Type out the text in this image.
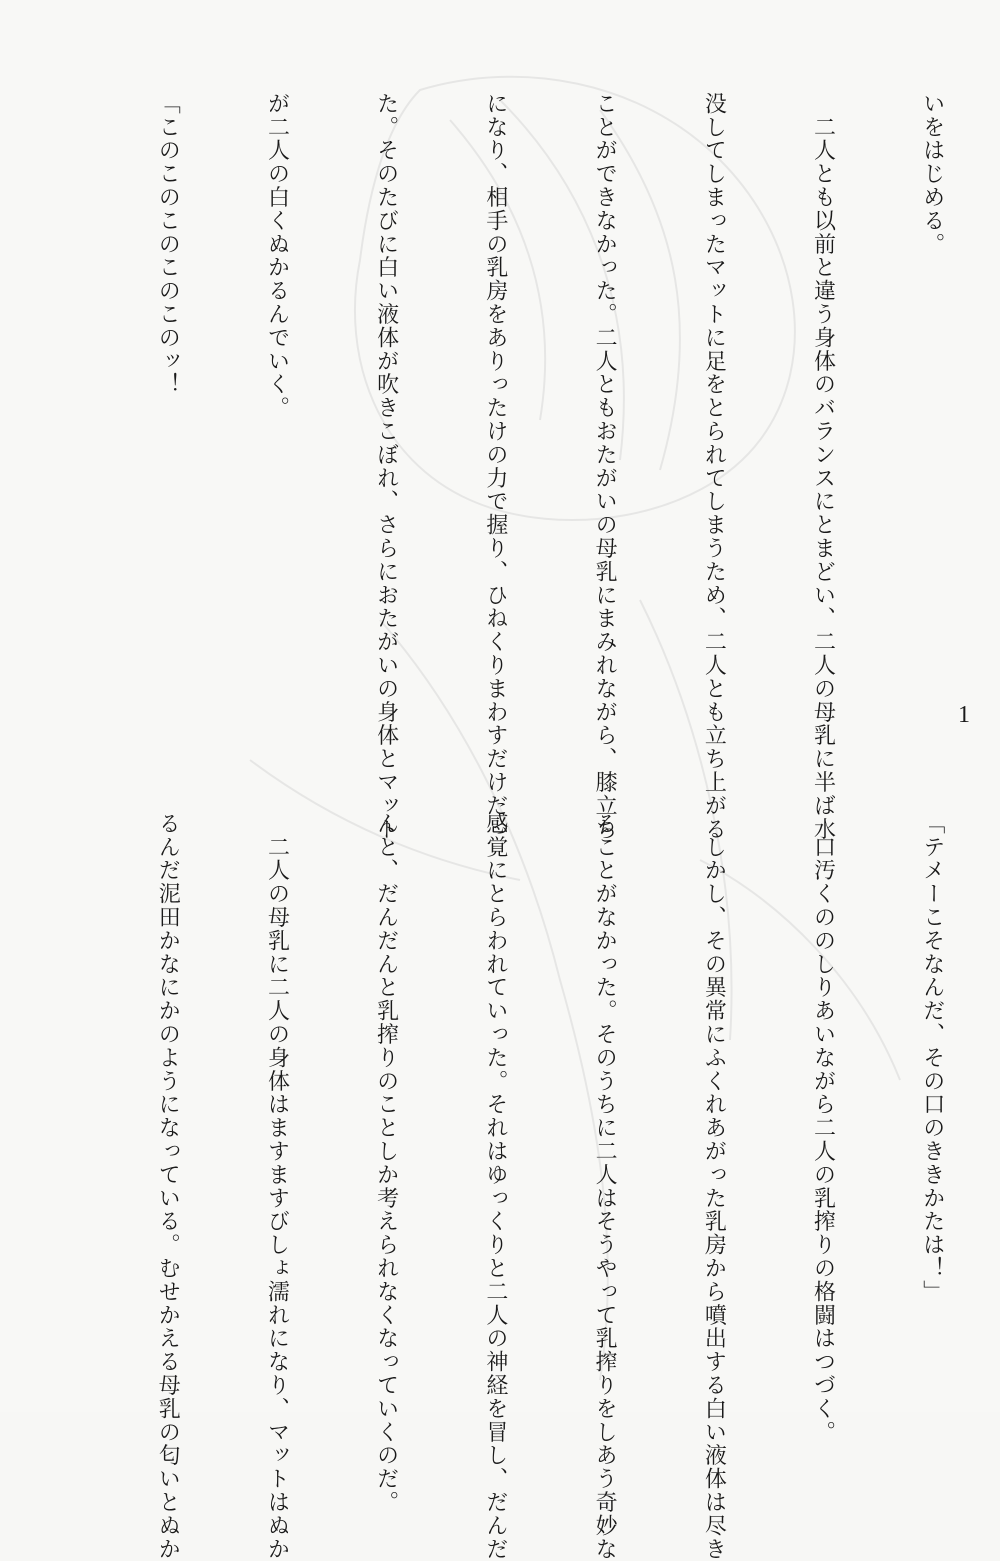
いをはじめる。

　二人とも以前と違う身体のバランスにとまどい、二人の母乳に半ば水

没してしまったマットに足をとられてしまうため、二人とも立ち上がる

ことができなかった。二人ともおたがいの母乳にまみれながら、膝立ち

になり、相手の乳房をありったけの力で握り、ひねくりまわすだけだっ

た。そのたびに白い液体が吹きこぼれ、さらにおたがいの身体とマット

が二人の白くぬかるんでいく。

「このこのこのこのこのッ！

1

「テメーこそなんだ、その口のききかたは！」

　口汚くののしりあいながら二人の乳搾りの格闘はつづく。

　しかし、その異常にふくれあがった乳房から噴出する白い液体は尽き

ることがなかった。そのうちに二人はそうやって乳搾りをしあう奇妙な

感覚にとらわれていった。それはゆっくりと二人の神経を冒し、だんだ

んと、だんだんと乳搾りのことしか考えられなくなっていくのだ。

　二人の母乳に二人の身体はますますびしょ濡れになり、マットはぬか

るんだ泥田かなにかのようになっている。むせかえる母乳の匂いとぬか
